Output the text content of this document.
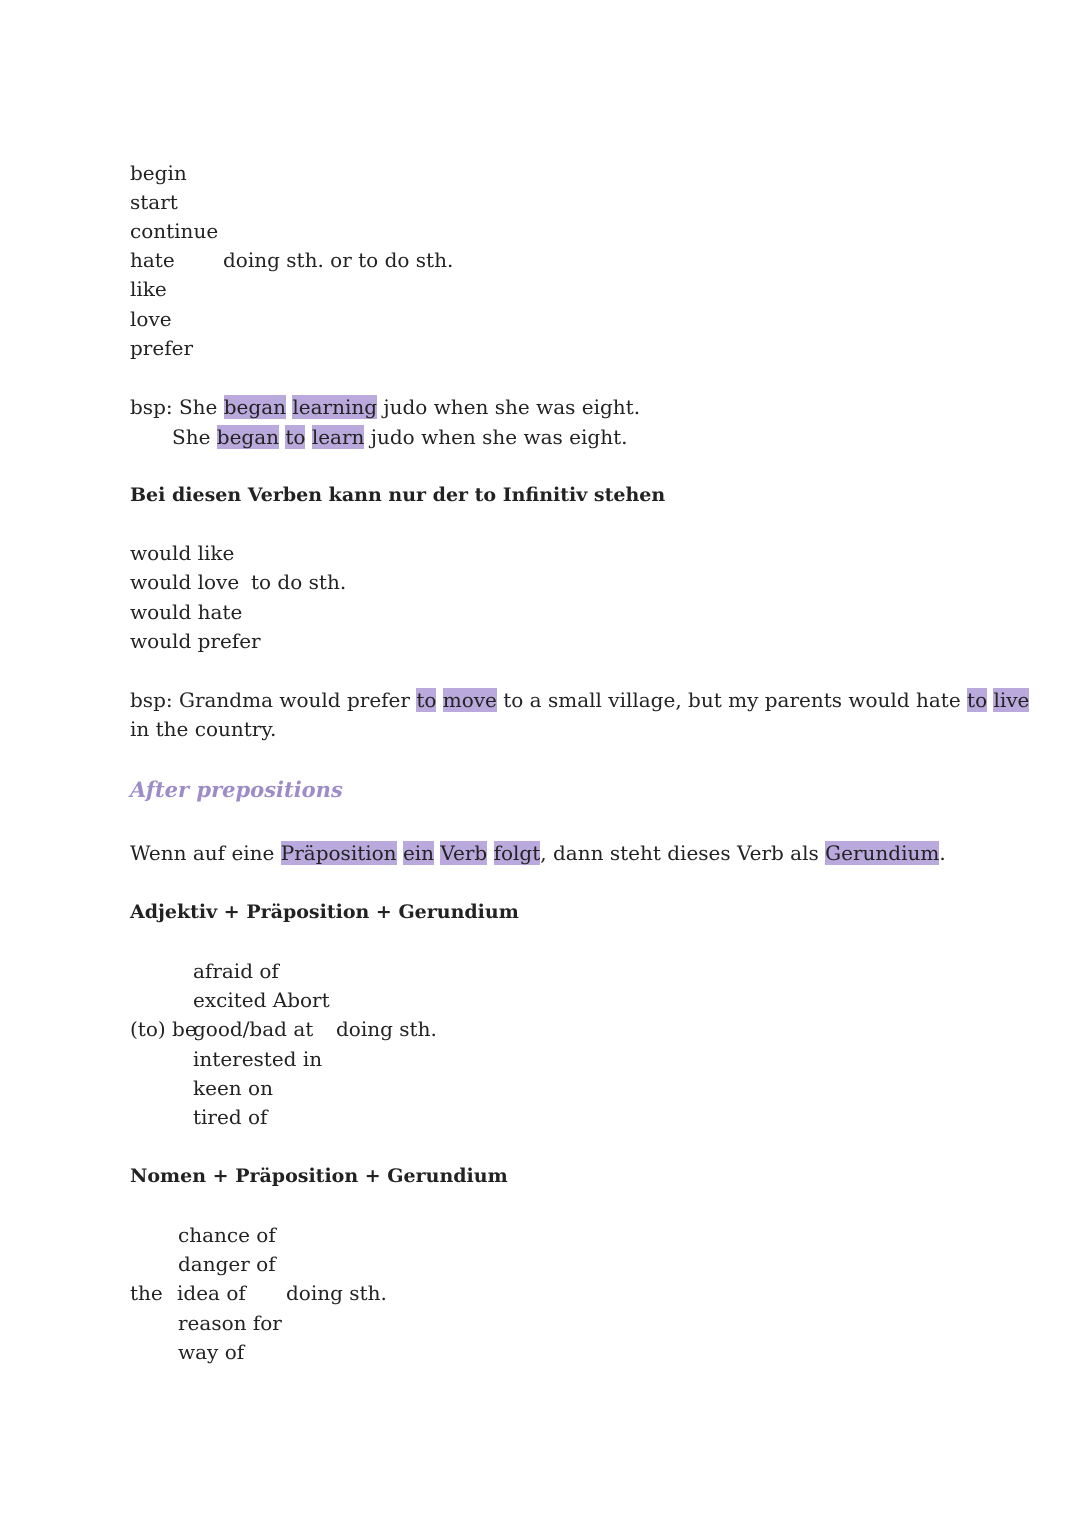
begin
start
continue
hate doing sth. or to do sth.
like
love
prefer
bsp: She began learning judo when she was eight.
She began to learn judo when she was eight.
Bei diesen Verben kann nur der to Infinitiv stehen
would like
would love to do sth.
would hate
would prefer
bsp: Grandma would prefer to move to a small village, but my parents would hate to live
in the country.
After prepositions
Wenn auf eine Präposition ein Verb folgt, dann steht dieses Verb als Gerundium.
Adjektiv + Präposition + Gerundium
afraid of
excited Abort
(to) be
good/bad at doing sth.
interested in
keen on
tired of
Nomen + Präposition + Gerundium
chance of
danger of
the idea of doing sth.
reason for
way of
